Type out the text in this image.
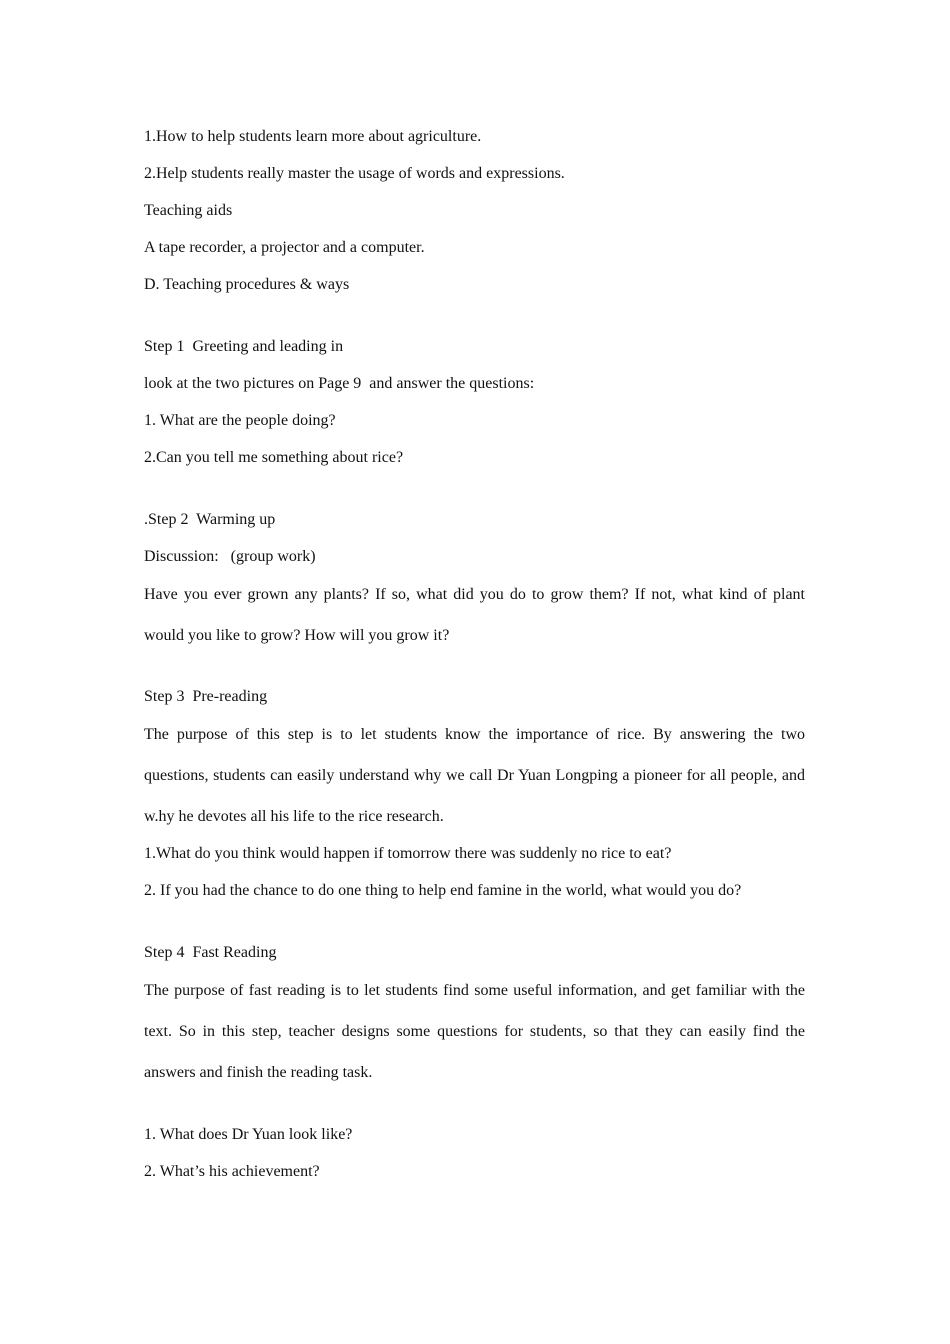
1.How to help students learn more about agriculture.
2.Help students really master the usage of words and expressions.
Teaching aids
A tape recorder, a projector and a computer.
D. Teaching procedures & ways
Step 1  Greeting and leading in
look at the two pictures on Page 9  and answer the questions:
1. What are the people doing?
2.Can you tell me something about rice?
.Step 2  Warming up
Discussion:   (group work)
Have you ever grown any plants? If so, what did you do to grow them? If not, what kind of plant would you like to grow? How will you grow it?
Step 3  Pre-reading
The purpose of this step is to let students know the importance of rice. By answering the two questions, students can easily understand why we call Dr Yuan Longping a pioneer for all people, and w.hy he devotes all his life to the rice research.
1.What do you think would happen if tomorrow there was suddenly no rice to eat?
2. If you had the chance to do one thing to help end famine in the world, what would you do?
Step 4  Fast Reading
The purpose of fast reading is to let students find some useful information, and get familiar with the text. So in this step, teacher designs some questions for students, so that they can easily find the answers and finish the reading task.
1. What does Dr Yuan look like?
2. What’s his achievement?
